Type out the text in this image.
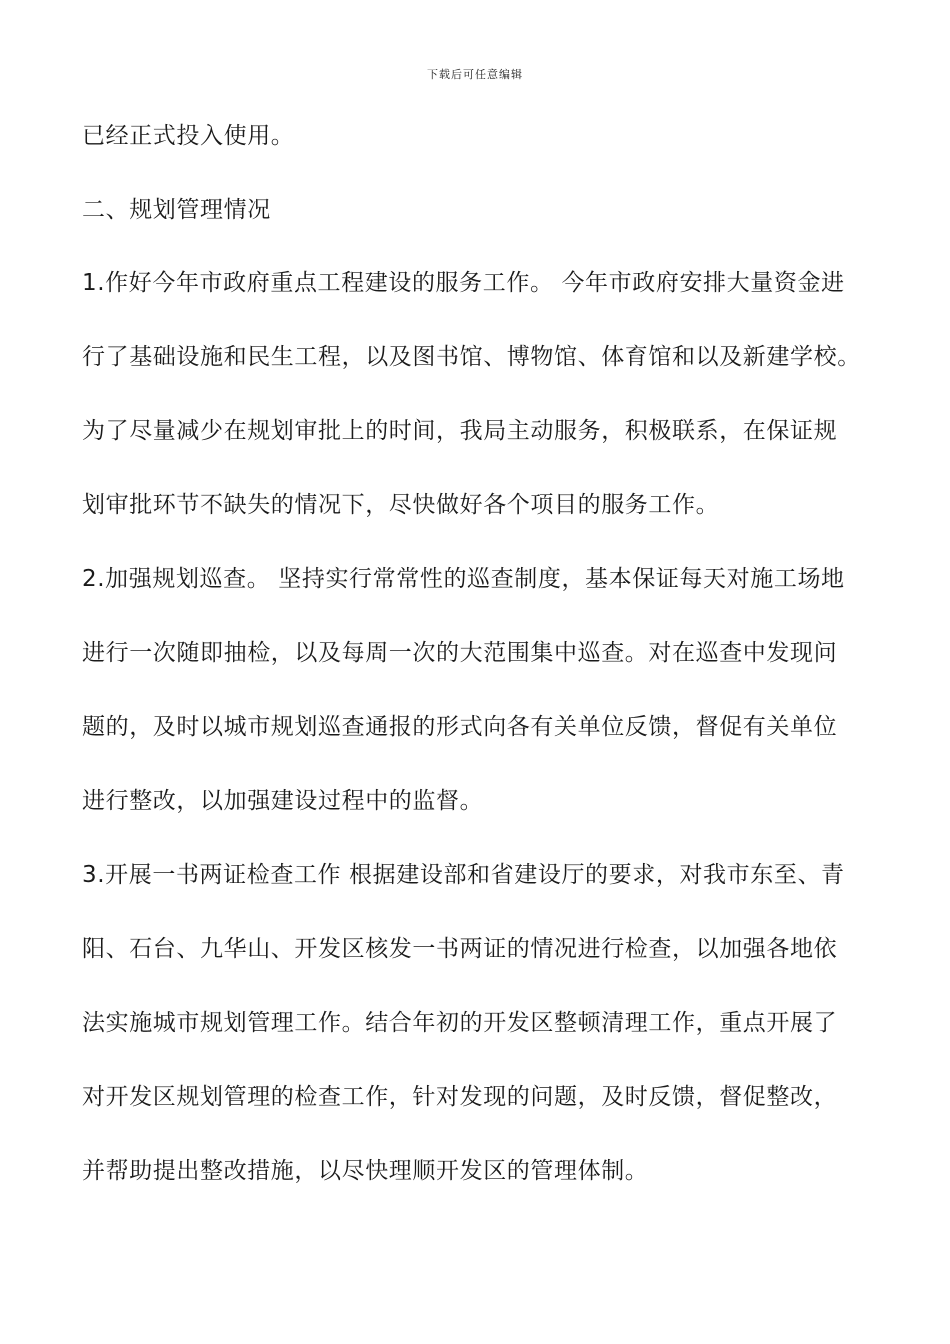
下载后可任意编辑
已经正式投入使用。
二、规划管理情况
1.作好今年市政府重点工程建设的服务工作。 今年市政府安排大量资金进
行了基础设施和民生工程，以及图书馆、博物馆、体育馆和以及新建学校。
为了尽量减少在规划审批上的时间，我局主动服务，积极联系，在保证规
划审批环节不缺失的情况下，尽快做好各个项目的服务工作。
2.加强规划巡查。 坚持实行常常性的巡查制度，基本保证每天对施工场地
进行一次随即抽检，以及每周一次的大范围集中巡查。对在巡查中发现问
题的，及时以城市规划巡查通报的形式向各有关单位反馈，督促有关单位
进行整改，以加强建设过程中的监督。
3.开展一书两证检查工作 根据建设部和省建设厅的要求，对我市东至、青
阳、石台、九华山、开发区核发一书两证的情况进行检查，以加强各地依
法实施城市规划管理工作。结合年初的开发区整顿清理工作，重点开展了
对开发区规划管理的检查工作，针对发现的问题，及时反馈，督促整改，
并帮助提出整改措施，以尽快理顺开发区的管理体制。
